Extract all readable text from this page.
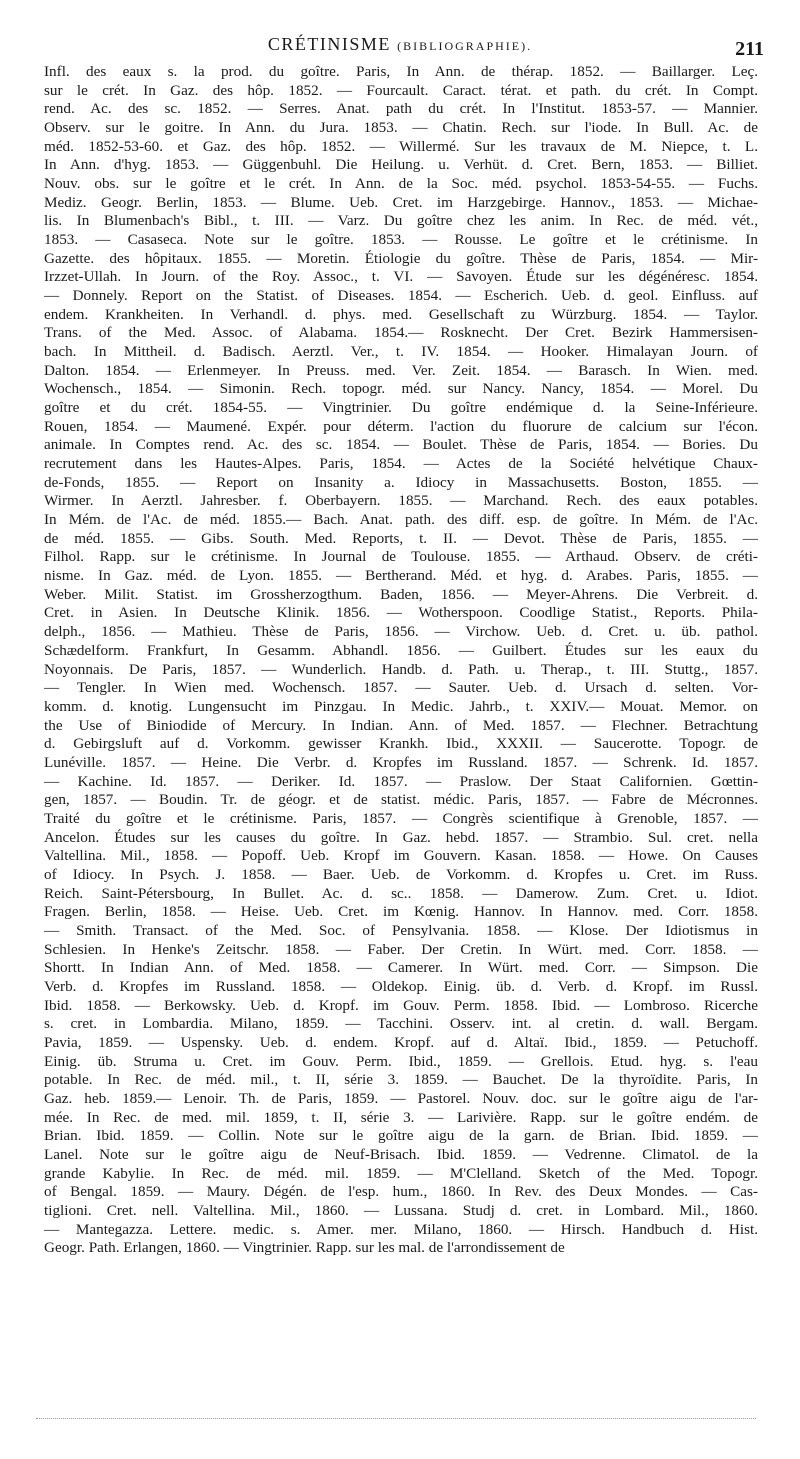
CRÉTINISME (BIBLIOGRAPHIE).	211
Infl. des eaux s. la prod. du goître. Paris, In Ann. de thérap. 1852. — Baillarger. Leç.
sur le crét. In Gaz. des hôp. 1852. — Fourcault. Caract. térat. et path. du crét. In Compt.
rend. Ac. des sc. 1852. — Serres. Anat. path du crét. In l'Institut. 1853-57. — Mannier.
Observ. sur le goitre. In Ann. du Jura. 1853. — Chatin. Rech. sur l'iode. In Bull. Ac. de
méd. 1852-53-60. et Gaz. des hôp. 1852. — Willermé. Sur les travaux de M. Niepce, t. L.
In Ann. d'hyg. 1853. — Güggenbuhl. Die Heilung. u. Verhüt. d. Cret. Bern, 1853. — Billiet.
Nouv. obs. sur le goître et le crét. In Ann. de la Soc. méd. psychol. 1853-54-55. — Fuchs.
Mediz. Geogr. Berlin, 1853. — Blume. Ueb. Cret. im Harzgebirge. Hannov., 1853. — Michae-
lis. In Blumenbach's Bibl., t. III. — Varz. Du goître chez les anim. In Rec. de méd. vét.,
1853. — Casaseca. Note sur le goître. 1853. — Rousse. Le goître et le crétinisme. In
Gazette. des hôpitaux. 1855. — Moretin. Étiologie du goître. Thèse de Paris, 1854. — Mir-
Irzzet-Ullah. In Journ. of the Roy. Assoc., t. VI. — Savoyen. Étude sur les dégénéresc. 1854.
— Donnely. Report on the Statist. of Diseases. 1854. — Escherich. Ueb. d. geol. Einfluss. auf
endem. Krankheiten. In Verhandl. d. phys. med. Gesellschaft zu Würzburg. 1854. — Taylor.
Trans. of the Med. Assoc. of Alabama. 1854.— Rosknecht. Der Cret. Bezirk Hammersisen-
bach. In Mittheil. d. Badisch. Aerztl. Ver., t. IV. 1854. — Hooker. Himalayan Journ. of
Dalton. 1854. — Erlenmeyer. In Preuss. med. Ver. Zeit. 1854. — Barasch. In Wien. med.
Wochensch., 1854. — Simonin. Rech. topogr. méd. sur Nancy. Nancy, 1854. — Morel. Du
goître et du crét. 1854-55. — Vingtrinier. Du goître endémique d. la Seine-Inférieure.
Rouen, 1854. — Maumené. Expér. pour déterm. l'action du fluorure de calcium sur l'écon.
animale. In Comptes rend. Ac. des sc. 1854. — Boulet. Thèse de Paris, 1854. — Bories. Du
recrutement dans les Hautes-Alpes. Paris, 1854. — Actes de la Société helvétique Chaux-
de-Fonds, 1855. — Report on Insanity a. Idiocy in Massachusetts. Boston, 1855. —
Wirmer. In Aerztl. Jahresber. f. Oberbayern. 1855. — Marchand. Rech. des eaux potables.
In Mém. de l'Ac. de méd. 1855.— Bach. Anat. path. des diff. esp. de goître. In Mém. de l'Ac.
de méd. 1855. — Gibs. South. Med. Reports, t. II. — Devot. Thèse de Paris, 1855. —
Filhol. Rapp. sur le crétinisme. In Journal de Toulouse. 1855. — Arthaud. Observ. de créti-
nisme. In Gaz. méd. de Lyon. 1855. — Bertherand. Méd. et hyg. d. Arabes. Paris, 1855. —
Weber. Milit. Statist. im Grossherzogthum. Baden, 1856. — Meyer-Ahrens. Die Verbreit. d.
Cret. in Asien. In Deutsche Klinik. 1856. — Wotherspoon. Coodlige Statist., Reports. Phila-
delph., 1856. — Mathieu. Thèse de Paris, 1856. — Virchow. Ueb. d. Cret. u. üb. pathol.
Schædelform. Frankfurt, In Gesamm. Abhandl. 1856. — Guilbert. Études sur les eaux du
Noyonnais. De Paris, 1857. — Wunderlich. Handb. d. Path. u. Therap., t. III. Stuttg., 1857.
— Tengler. In Wien med. Wochensch. 1857. — Sauter. Ueb. d. Ursach d. selten. Vor-
komm. d. knotig. Lungensucht im Pinzgau. In Medic. Jahrb., t. XXIV.— Mouat. Memor. on
the Use of Biniodide of Mercury. In Indian. Ann. of Med. 1857. — Flechner. Betrachtung
d. Gebirgsluft auf d. Vorkomm. gewisser Krankh. Ibid., XXXII. — Saucerotte. Topogr. de
Lunéville. 1857. — Heine. Die Verbr. d. Kropfes im Russland. 1857. — Schrenk. Id. 1857.
— Kachine. Id. 1857. — Deriker. Id. 1857. — Praslow. Der Staat Californien. Gœttin-
gen, 1857. — Boudin. Tr. de géogr. et de statist. médic. Paris, 1857. — Fabre de Mécronnes.
Traité du goître et le crétinisme. Paris, 1857. — Congrès scientifique à Grenoble, 1857. —
Ancelon. Études sur les causes du goître. In Gaz. hebd. 1857. — Strambio. Sul. cret. nella
Valtellina. Mil., 1858. — Popoff. Ueb. Kropf im Gouvern. Kasan. 1858. — Howe. On Causes
of Idiocy. In Psych. J. 1858. — Baer. Ueb. de Vorkomm. d. Kropfes u. Cret. im Russ.
Reich. Saint-Pétersbourg, In Bullet. Ac. d. sc.. 1858. — Damerow. Zum. Cret. u. Idiot.
Fragen. Berlin, 1858. — Heise. Ueb. Cret. im Kœnig. Hannov. In Hannov. med. Corr. 1858.
— Smith. Transact. of the Med. Soc. of Pensylvania. 1858. — Klose. Der Idiotismus in
Schlesien. In Henke's Zeitschr. 1858. — Faber. Der Cretin. In Würt. med. Corr. 1858. —
Shortt. In Indian Ann. of Med. 1858. — Camerer. In Würt. med. Corr. — Simpson. Die
Verb. d. Kropfes im Russland. 1858. — Oldekop. Einig. üb. d. Verb. d. Kropf. im Russl.
Ibid. 1858. — Berkowsky. Ueb. d. Kropf. im Gouv. Perm. 1858. Ibid. — Lombroso. Ricerche
s. cret. in Lombardia. Milano, 1859. — Tacchini. Osserv. int. al cretin. d. wall. Bergam.
Pavia, 1859. — Uspensky. Ueb. d. endem. Kropf. auf d. Altaï. Ibid., 1859. — Petuchoff.
Einig. üb. Struma u. Cret. im Gouv. Perm. Ibid., 1859. — Grellois. Etud. hyg. s. l'eau
potable. In Rec. de méd. mil., t. II, série 3. 1859. — Bauchet. De la thyroïdite. Paris, In
Gaz. heb. 1859.— Lenoir. Th. de Paris, 1859. — Pastorel. Nouv. doc. sur le goître aigu de l'ar-
mée. In Rec. de med. mil. 1859, t. II, série 3. — Larivière. Rapp. sur le goître endém. de
Brian. Ibid. 1859. — Collin. Note sur le goître aigu de la garn. de Brian. Ibid. 1859. —
Lanel. Note sur le goître aigu de Neuf-Brisach. Ibid. 1859. — Vedrenne. Climatol. de la
grande Kabylie. In Rec. de méd. mil. 1859. — M'Clelland. Sketch of the Med. Topogr.
of Bengal. 1859. — Maury. Dégén. de l'esp. hum., 1860. In Rev. des Deux Mondes. — Cas-
tiglioni. Cret. nell. Valtellina. Mil., 1860. — Lussana. Studj d. cret. in Lombard. Mil., 1860.
— Mantegazza. Lettere. medic. s. Amer. mer. Milano, 1860. — Hirsch. Handbuch d. Hist.
Geogr. Path. Erlangen, 1860. — Vingtrinier. Rapp. sur les mal. de l'arrondissement de
